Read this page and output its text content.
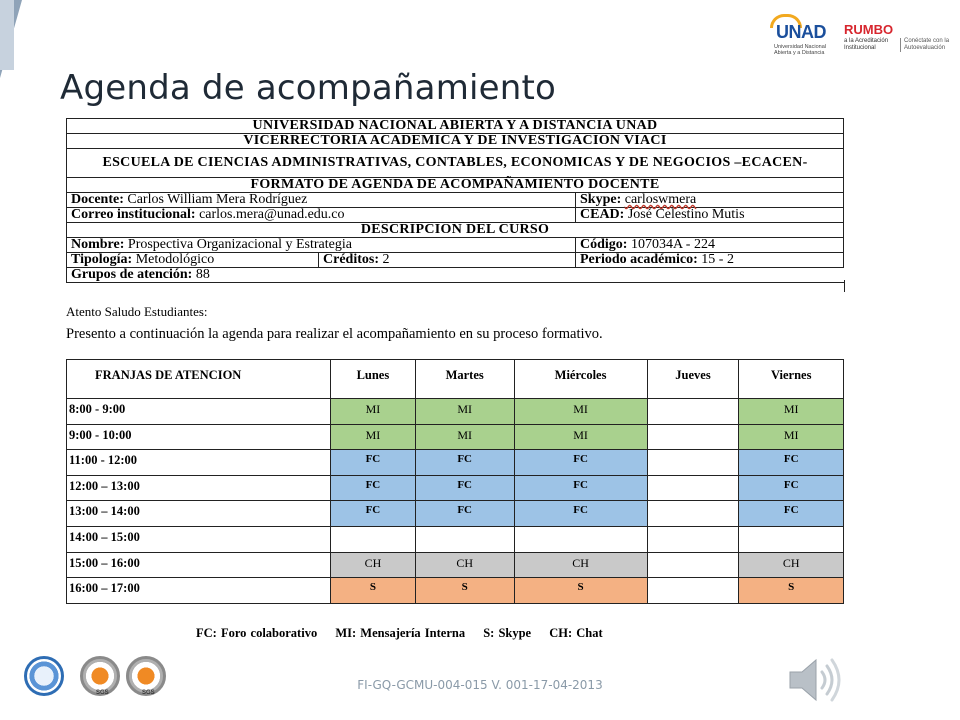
Agenda de acompañamiento
UNAD
Universidad Nacional Abierta y a Distancia
RUMBO
a la Acreditación Institucional
Conéctate con la Autoevaluación
UNIVERSIDAD NACIONAL ABIERTA Y A DISTANCIA UNAD		
VICERRECTORIA ACADEMICA Y DE INVESTIGACION VIACI		
ESCUELA DE CIENCIAS ADMINISTRATIVAS, CONTABLES, ECONOMICAS Y DE NEGOCIOS –ECACEN-		
FORMATO DE AGENDA DE ACOMPAÑAMIENTO DOCENTE		
Docente: Carlos William Mera Rodríguez		Skype: carloswmera
Correo institucional: carlos.mera@unad.edu.co		CEAD: José Celestino Mutis
DESCRIPCION DEL CURSO		
Nombre: Prospectiva Organizacional y Estrategia		Código: 107034A - 224
Tipología: Metodológico	Créditos: 2	Periodo académico: 15 - 2
Grupos de atención: 88		
Atento Saludo Estudiantes:
Presento a continuación la agenda para realizar el acompañamiento en su proceso formativo.
FRANJAS DE ATENCION	Lunes	Martes	Miércoles	Jueves	Viernes
8:00 - 9:00	MI	MI	MI		MI
9:00 - 10:00	MI	MI	MI		MI
11:00 - 12:00	FC	FC	FC		FC
12:00 – 13:00	FC	FC	FC		FC
13:00 – 14:00	FC	FC	FC		FC
14:00 – 15:00					
15:00 – 16:00	CH	CH	CH		CH
16:00 – 17:00	S	S	S		S
FC: Foro colaborativo MI: Mensajería Interna S: Skype CH: Chat
SGS	SGS
FI-GQ-GCMU-004-015 V. 001-17-04-2013
